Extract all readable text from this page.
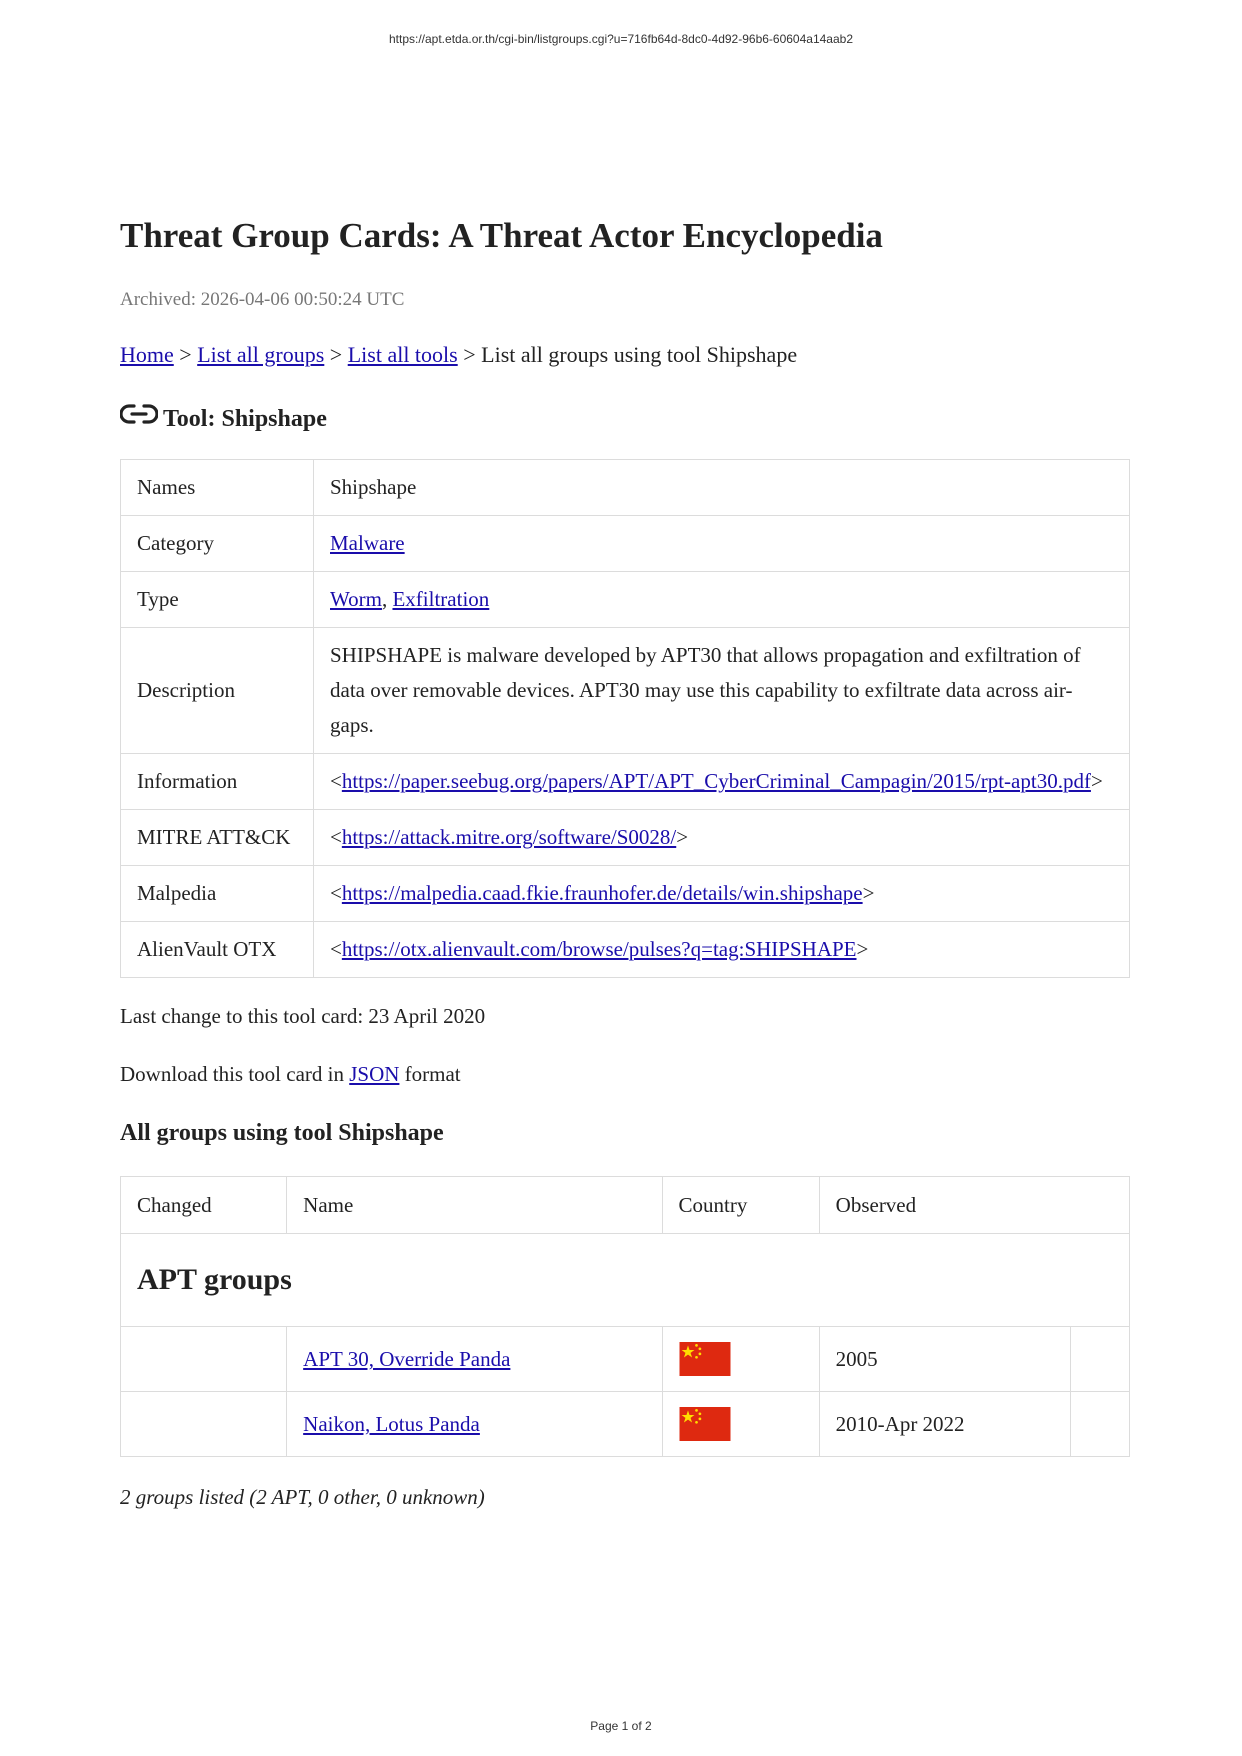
https://apt.etda.or.th/cgi-bin/listgroups.cgi?u=716fb64d-8dc0-4d92-96b6-60604a14aab2
Threat Group Cards: A Threat Actor Encyclopedia
Archived: 2026-04-06 00:50:24 UTC
Home > List all groups > List all tools > List all groups using tool Shipshape
Tool: Shipshape
Names	Shipshape
Category	Malware
Type	Worm, Exfiltration
Description	SHIPSHAPE is malware developed by APT30 that allows propagation and exfiltration of data over removable devices. APT30 may use this capability to exfiltrate data across air-gaps.
Information	<https://paper.seebug.org/papers/APT/APT_CyberCriminal_Campagin/2015/rpt-apt30.pdf>
MITRE ATT&CK	<https://attack.mitre.org/software/S0028/>
Malpedia	<https://malpedia.caad.fkie.fraunhofer.de/details/win.shipshape>
AlienVault OTX	<https://otx.alienvault.com/browse/pulses?q=tag:SHIPSHAPE>
Last change to this tool card: 23 April 2020
Download this tool card in JSON format
All groups using tool Shipshape
Changed	Name	Country	Observed	
APT groups				
	APT 30, Override Panda		2005	
	Naikon, Lotus Panda		2010-Apr 2022	
2 groups listed (2 APT, 0 other, 0 unknown)
Page 1 of 2
